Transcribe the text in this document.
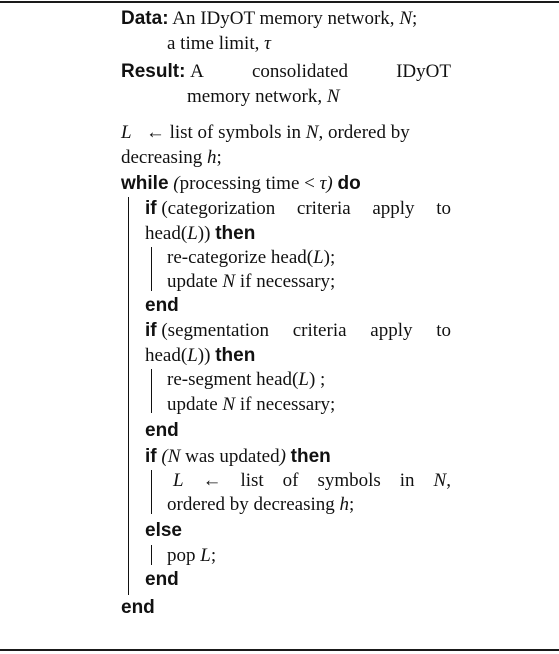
Data: An IDyOT memory network, N;
a time limit, τ
Result: A	consolidated	IDyOT
memory network, N
L ← list of symbols in N, ordered by
decreasing h;
while (processing time < τ) do
if (categorization criteria apply to
head(L)) then
re-categorize head(L);
update N if necessary;
end
if (segmentation criteria apply to
head(L)) then
re-segment head(L) ;
update N if necessary;
end
if (N was updated) then
L ← list of symbols in N,
ordered by decreasing h;
else
pop L;
end
end
